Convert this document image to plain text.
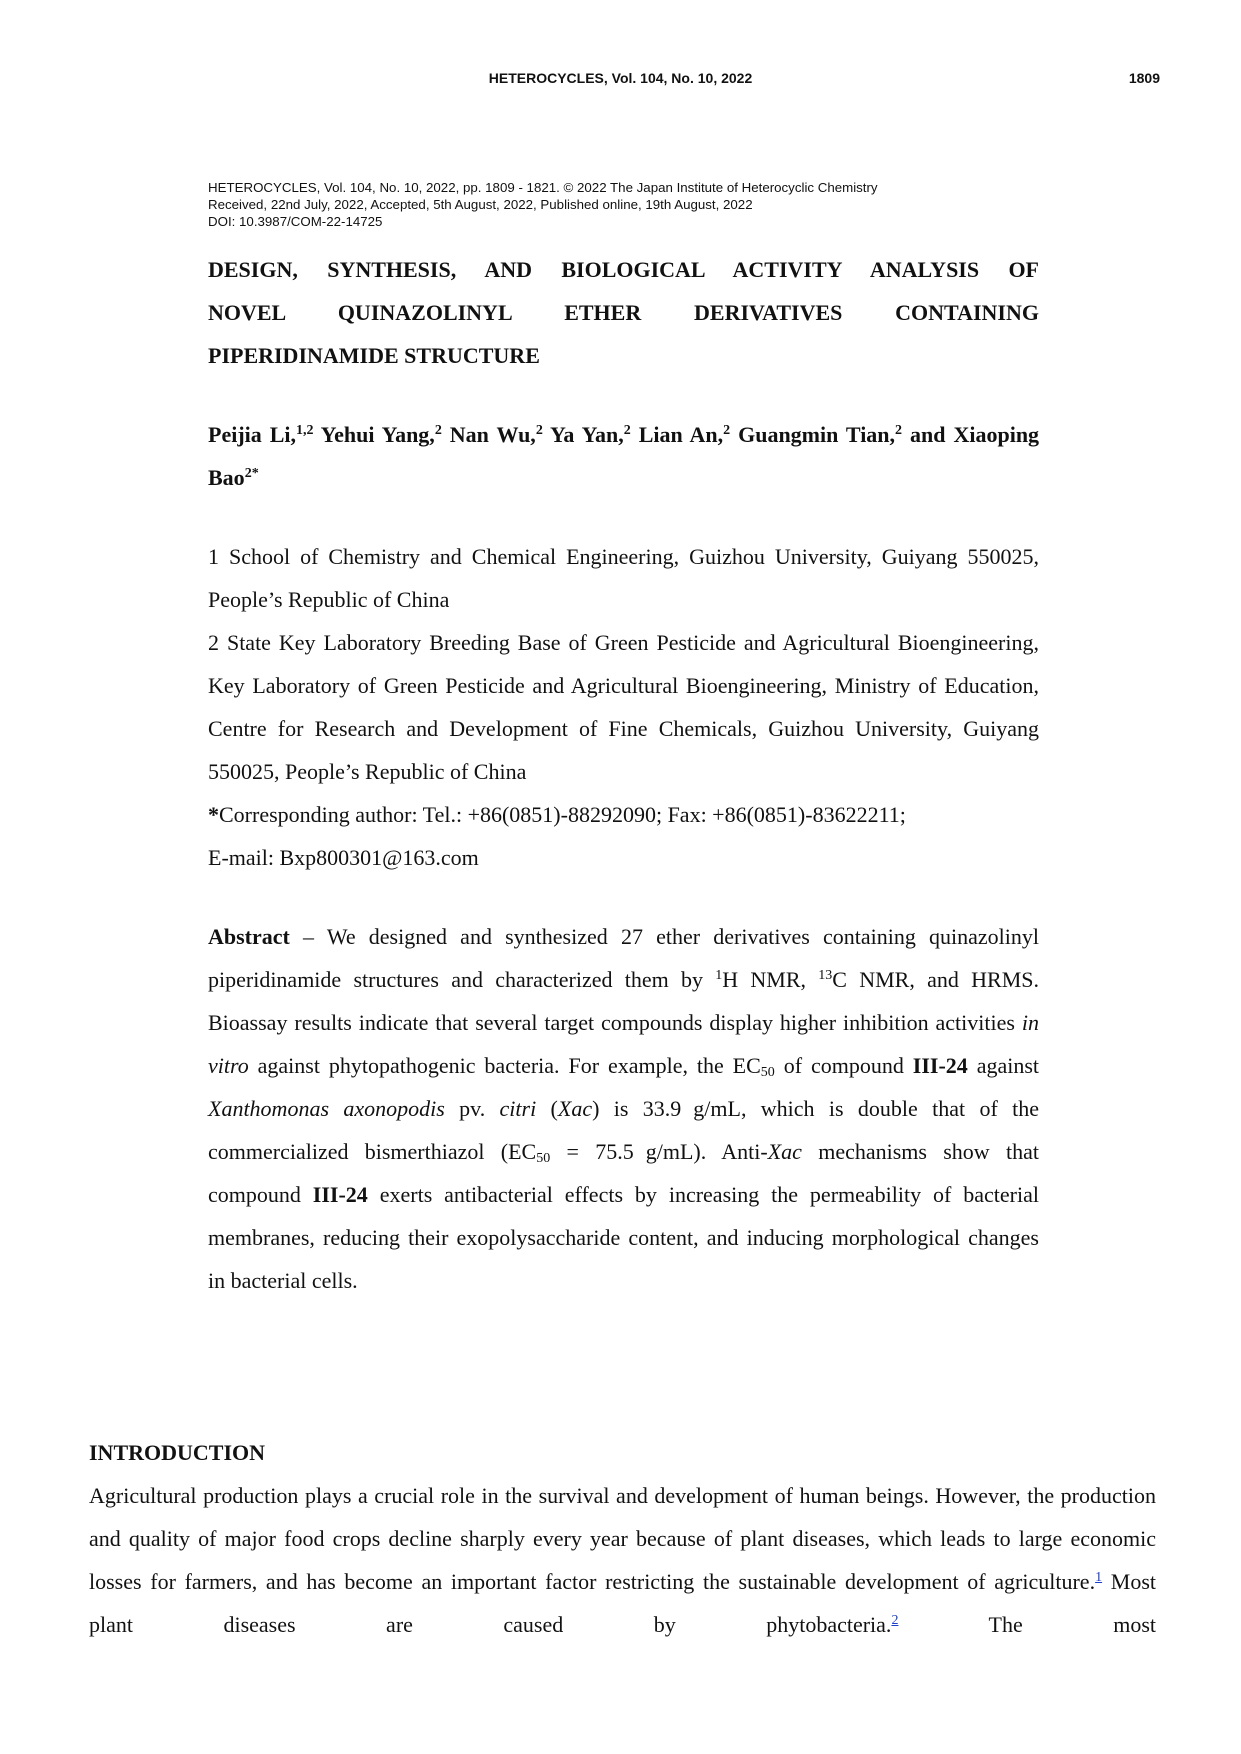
HETEROCYCLES, Vol. 104, No. 10, 2022	1809
HETEROCYCLES, Vol. 104, No. 10, 2022, pp. 1809 - 1821. © 2022 The Japan Institute of Heterocyclic Chemistry
Received, 22nd July, 2022, Accepted, 5th August, 2022, Published online, 19th August, 2022
DOI: 10.3987/COM-22-14725
DESIGN, SYNTHESIS, AND BIOLOGICAL ACTIVITY ANALYSIS OF
NOVEL QUINAZOLINYL ETHER DERIVATIVES CONTAINING
PIPERIDINAMIDE STRUCTURE

Peijia Li,$^{1,2}$ Yehui Yang,$^2$ Nan Wu,$^2$ Ya Yan,$^2$ Lian An,$^2$ Guangmin Tian,$^2$ and Xiaoping Bao$^{2*}$

1 School of Chemistry and Chemical Engineering, Guizhou University, Guiyang 550025, People’s Republic of China

2 State Key Laboratory Breeding Base of Green Pesticide and Agricultural Bioengineering, Key Laboratory of Green Pesticide and Agricultural Bioengineering, Ministry of Education, Centre for Research and Development of Fine Chemicals, Guizhou University, Guiyang 550025, People’s Republic of China

*Corresponding author: Tel.: +86(0851)-88292090; Fax: +86(0851)-83622211;

E-mail: Bxp800301@163.com

Abstract – We designed and synthesized 27 ether derivatives containing quinazolinyl piperidinamide structures and characterized them by $^1$H NMR, $^{13}$C NMR, and HRMS. Bioassay results indicate that several target compounds display higher inhibition activities in vitro against phytopathogenic bacteria. For example, the $EC_{50}$ of compound III-24 against Xanthomonas axonopodis pv. citri (Xac) is 33.9 g/mL, which is double that of the commercialized bismerthiazol ($EC_{50} = 75.5$ g/mL). Anti-Xac mechanisms show that compound III-24 exerts antibacterial effects by increasing the permeability of bacterial membranes, reducing their exopolysaccharide content, and inducing morphological changes in bacterial cells.

INTRODUCTION

Agricultural production plays a crucial role in the survival and development of human beings. However, the production and quality of major food crops decline sharply every year because of plant diseases, which leads to large economic losses for farmers, and has become an important factor restricting the sustainable development of agriculture.$^1$ Most plant diseases are caused by phytobacteria.$^2$ The most
